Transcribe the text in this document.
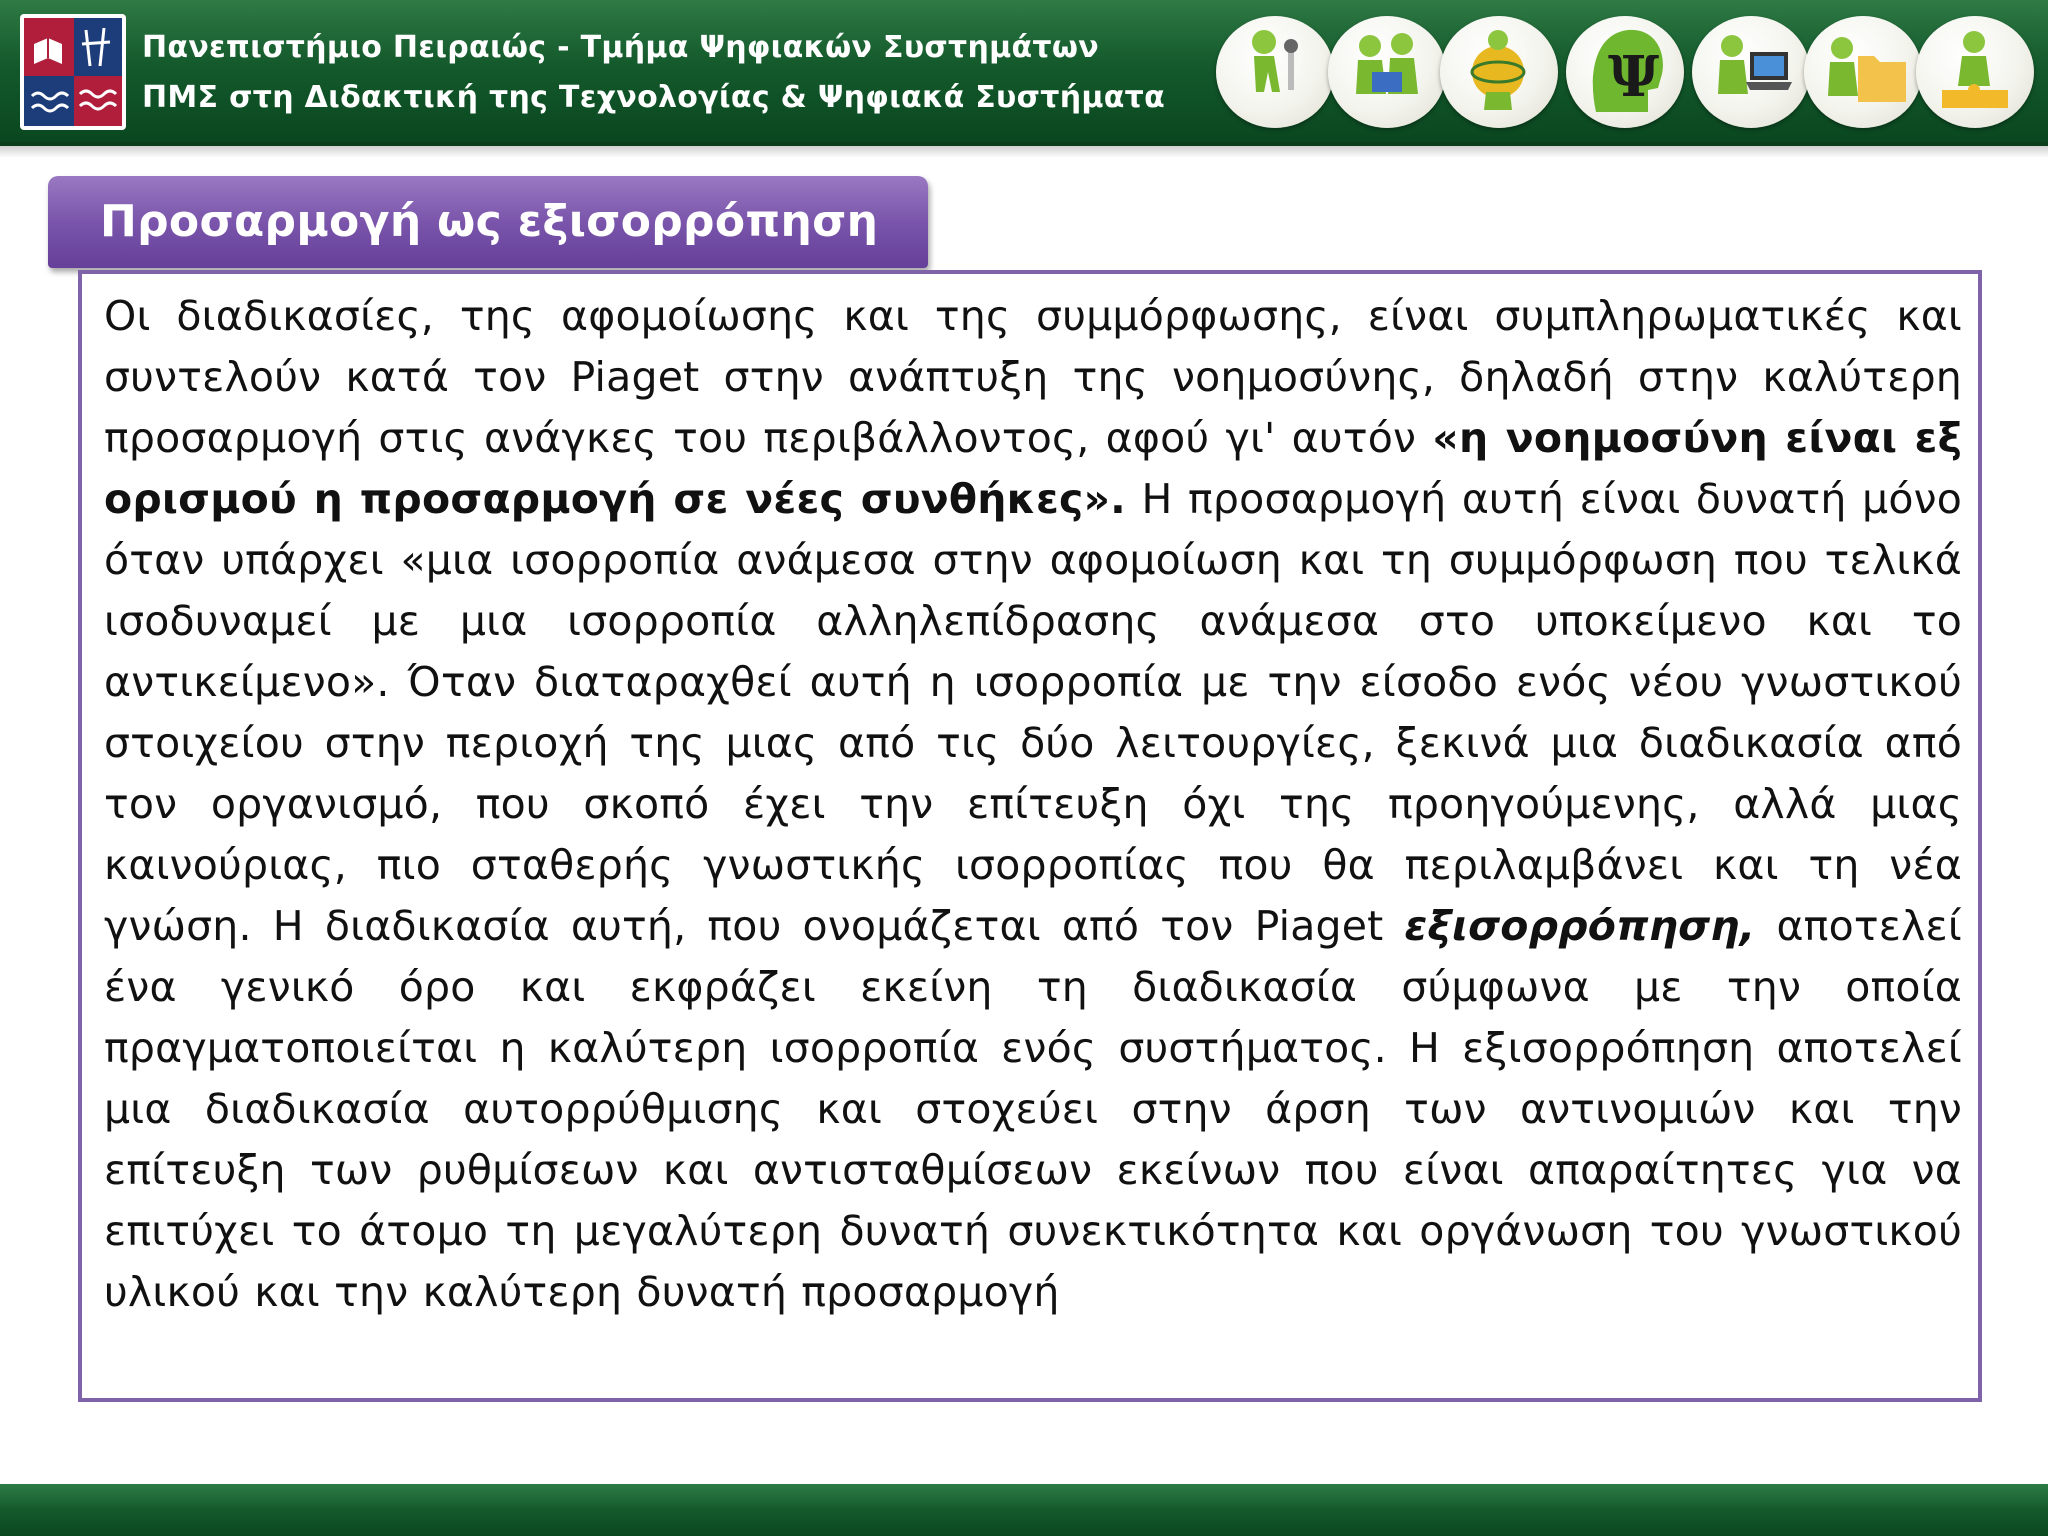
Πανεπιστήμιο Πειραιώς - Τμήμα Ψηφιακών Συστημάτων
ΠΜΣ στη Διδακτική της Τεχνολογίας & Ψηφιακά Συστήματα	Ψ
Προσαρμογή ως εξισορρόπηση
Οι διαδικασίες, της αφομοίωσης και της συμμόρφωσης, είναι συμπληρωματικές και συντελούν κατά τον Piaget στην ανάπτυξη της νοημοσύνης, δηλαδή στην καλύτερη προσαρμογή στις ανάγκες του περιβάλλοντος, αφού γι' αυτόν «η νοημοσύνη είναι εξ ορισμού η προσαρμογή σε νέες συνθήκες». Η προσαρμογή αυτή είναι δυνατή μόνο όταν υπάρχει «μια ισορροπία ανάμεσα στην αφομοίωση και τη συμμόρφωση που τελικά ισοδυναμεί με μια ισορροπία αλληλεπίδρασης ανάμεσα στο υποκείμενο και το αντικείμενο». Όταν διαταραχθεί αυτή η ισορροπία με την είσοδο ενός νέου γνωστικού στοιχείου στην περιοχή της μιας από τις δύο λειτουργίες, ξεκινά μια διαδικασία από τον οργανισμό, που σκοπό έχει την επίτευξη όχι της προηγούμενης, αλλά μιας καινούριας, πιο σταθερής γνωστικής ισορροπίας που θα περιλαμβάνει και τη νέα γνώση. Η διαδικασία αυτή, που ονομάζεται από τον Piaget εξισορρόπηση, αποτελεί ένα γενικό όρο και εκφράζει εκείνη τη διαδικασία σύμφωνα με την οποία πραγματοποιείται η καλύτερη ισορροπία ενός συστήματος. Η εξισορρόπηση αποτελεί μια διαδικασία αυτορρύθμισης και στοχεύει στην άρση των αντινομιών και την επίτευξη των ρυθμίσεων και αντισταθμίσεων εκείνων που είναι απαραίτητες για να επιτύχει το άτομο τη μεγαλύτερη δυνατή συνεκτικότητα και οργάνωση του γνωστικού υλικού και την καλύτερη δυνατή προσαρμογή
